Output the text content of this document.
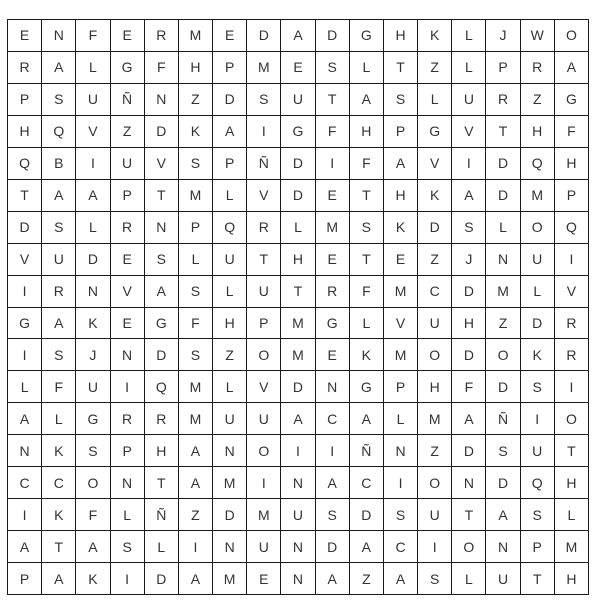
E	N	F	E	R	M	E	D	A	D	G	H	K	L	J	W	O
R	A	L	G	F	H	P	M	E	S	L	T	Z	L	P	R	A
P	S	U	Ñ	N	Z	D	S	U	T	A	S	L	U	R	Z	G
H	Q	V	Z	D	K	A	I	G	F	H	P	G	V	T	H	F
Q	B	I	U	V	S	P	Ñ	D	I	F	A	V	I	D	Q	H
T	A	A	P	T	M	L	V	D	E	T	H	K	A	D	M	P
D	S	L	R	N	P	Q	R	L	M	S	K	D	S	L	O	Q
V	U	D	E	S	L	U	T	H	E	T	E	Z	J	N	U	I
I	R	N	V	A	S	L	U	T	R	F	M	C	D	M	L	V
G	A	K	E	G	F	H	P	M	G	L	V	U	H	Z	D	R
I	S	J	N	D	S	Z	O	M	E	K	M	O	D	O	K	R
L	F	U	I	Q	M	L	V	D	N	G	P	H	F	D	S	I
A	L	G	R	R	M	U	U	A	C	A	L	M	A	Ñ	I	O
N	K	S	P	H	A	N	O	I	I	Ñ	N	Z	D	S	U	T
C	C	O	N	T	A	M	I	N	A	C	I	O	N	D	Q	H
I	K	F	L	Ñ	Z	D	M	U	S	D	S	U	T	A	S	L
A	T	A	S	L	I	N	U	N	D	A	C	I	O	N	P	M
P	A	K	I	D	A	M	E	N	A	Z	A	S	L	U	T	H
